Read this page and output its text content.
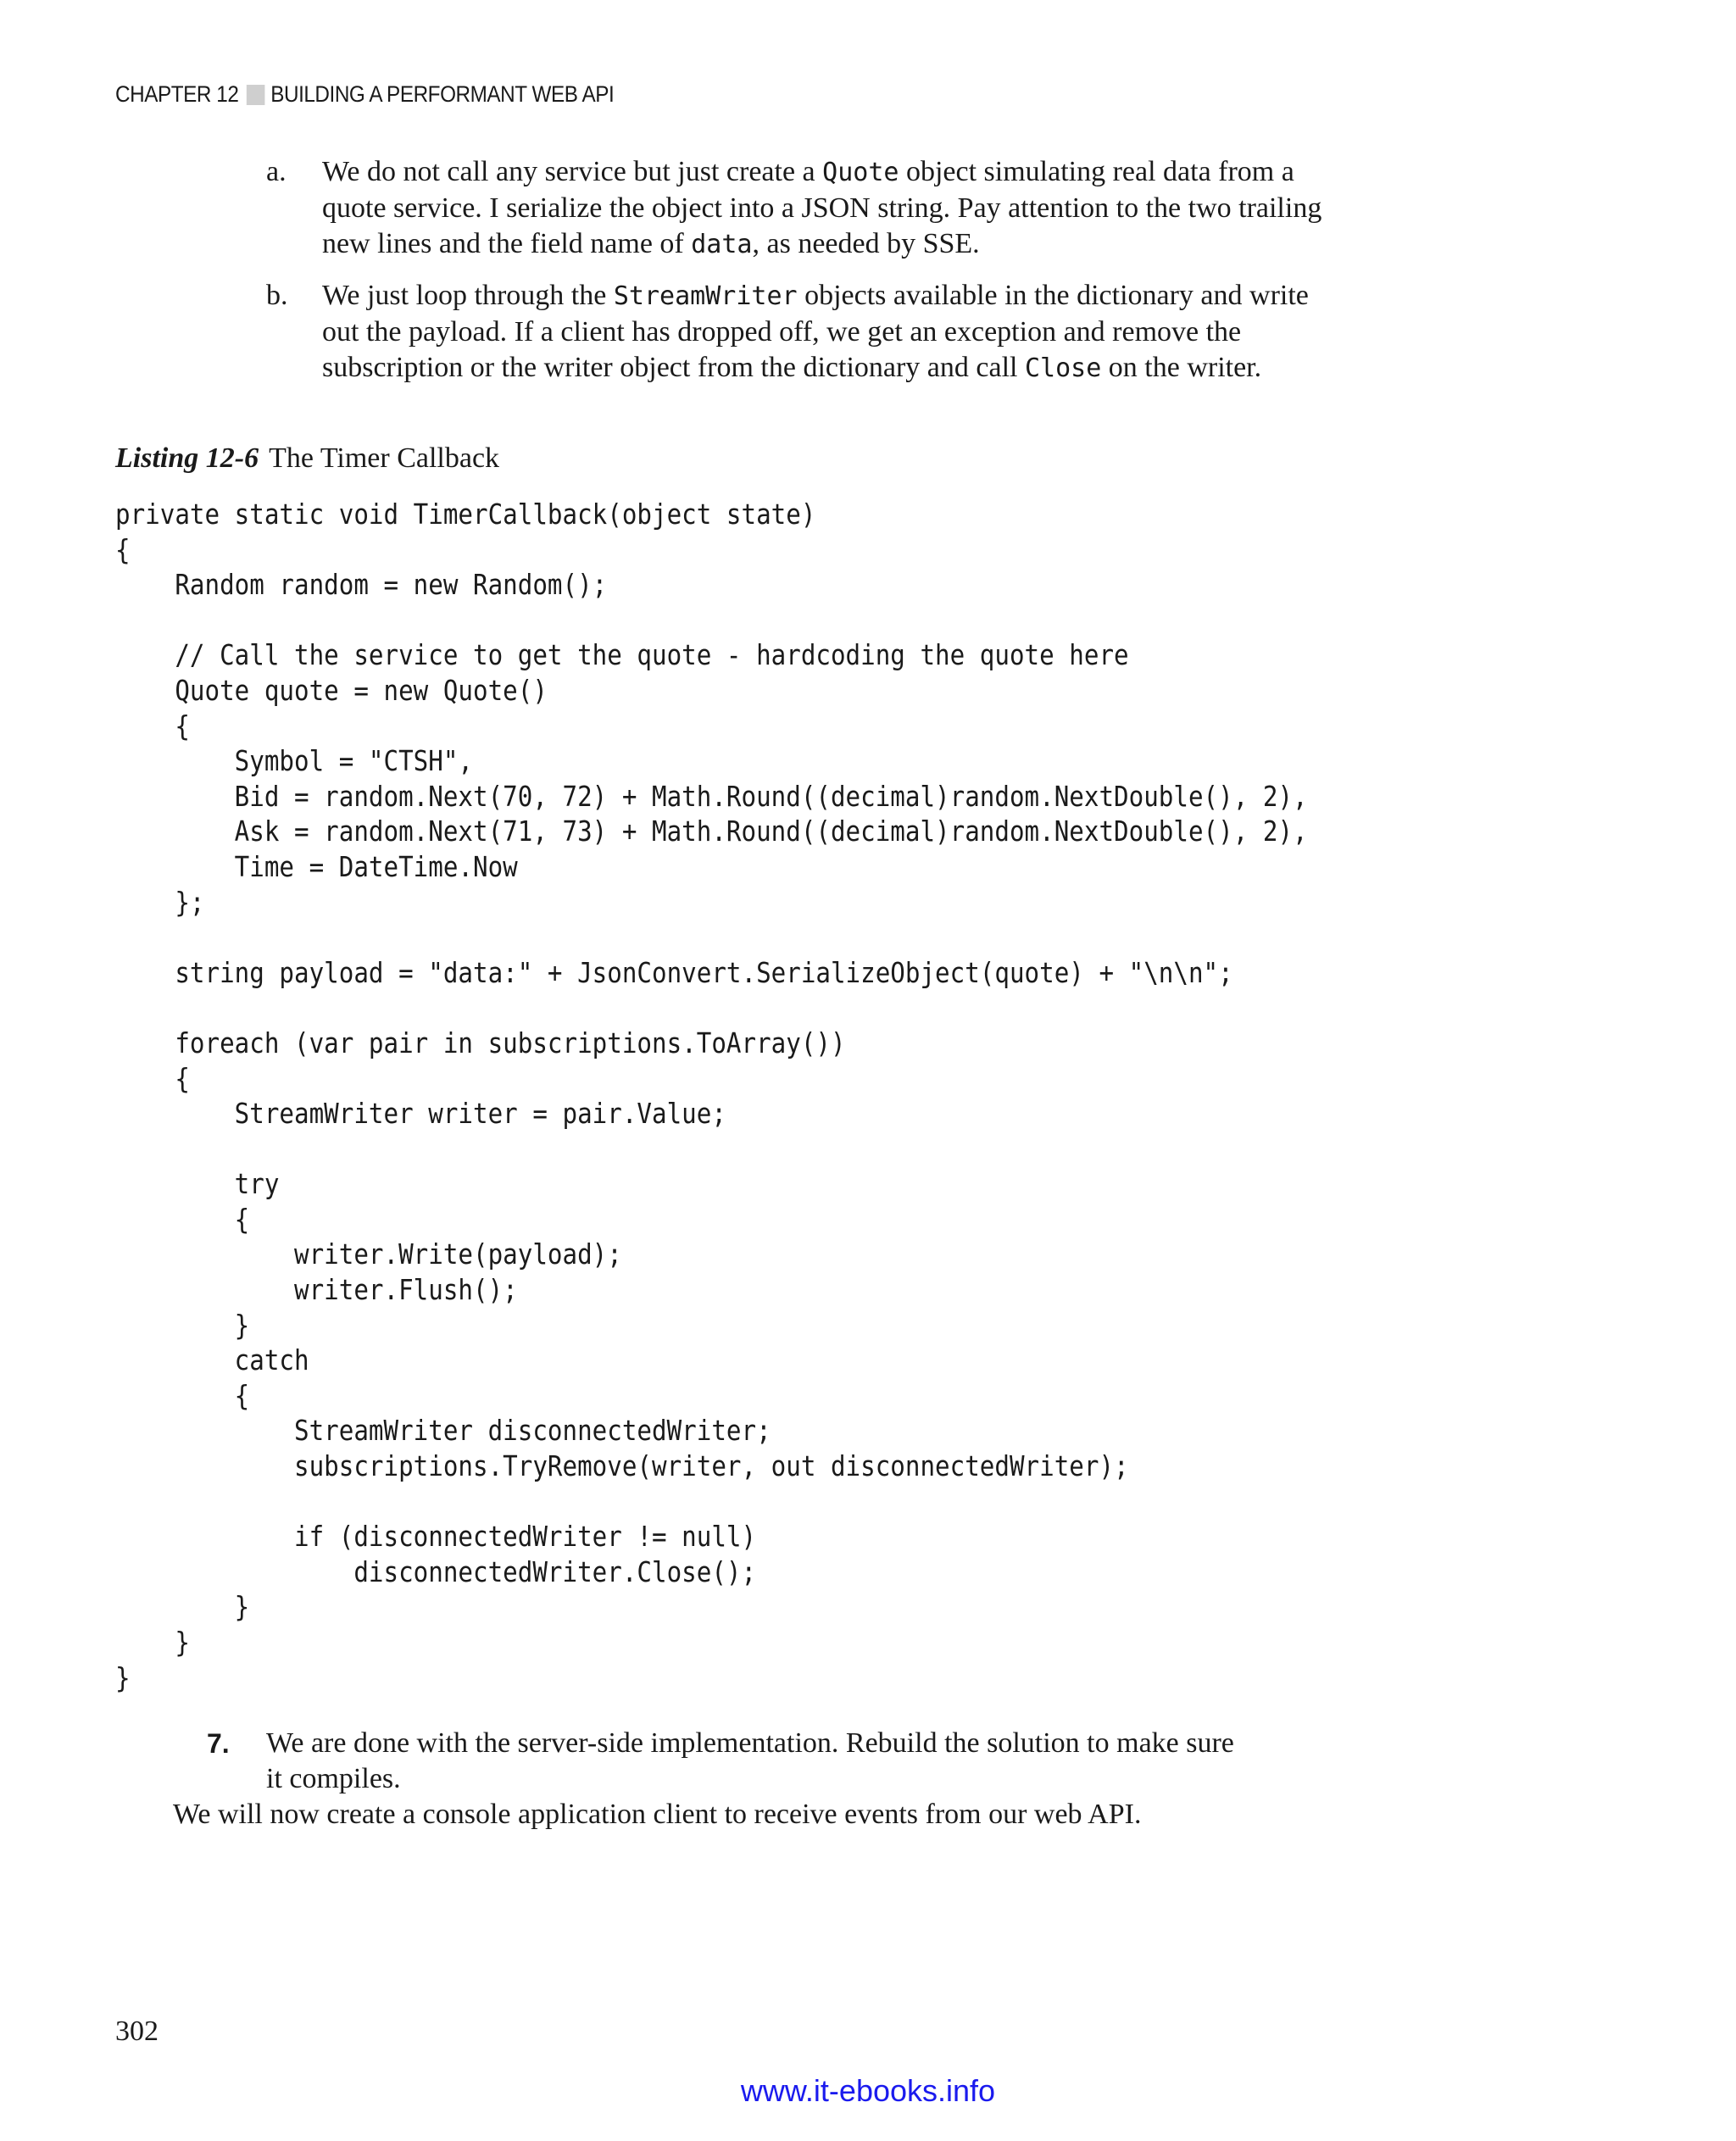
CHAPTER 12 BUILDING A PERFORMANT WEB API
a. We do not call any service but just create a Quote object simulating real data from a
quote service. I serialize the object into a JSON string. Pay attention to the two trailing
new lines and the field name of data, as needed by SSE.
b. We just loop through the StreamWriter objects available in the dictionary and write
out the payload. If a client has dropped off, we get an exception and remove the
subscription or the writer object from the dictionary and call Close on the writer.
Listing 12-6 The Timer Callback
private static void TimerCallback(object state)
{
Random random = new Random();

// Call the service to get the quote - hardcoding the quote here
Quote quote = new Quote()
{
Symbol = "CTSH",
Bid = random.Next(70, 72) + Math.Round((decimal)random.NextDouble(), 2),
Ask = random.Next(71, 73) + Math.Round((decimal)random.NextDouble(), 2),
Time = DateTime.Now
};

string payload = "data:" + JsonConvert.SerializeObject(quote) + "\n\n";

foreach (var pair in subscriptions.ToArray())
{
StreamWriter writer = pair.Value;

try
{
writer.Write(payload);
writer.Flush();
}
catch
{
StreamWriter disconnectedWriter;
subscriptions.TryRemove(writer, out disconnectedWriter);

if (disconnectedWriter != null)
disconnectedWriter.Close();
}
}
}
7. We are done with the server-side implementation. Rebuild the solution to make sure
it compiles.
We will now create a console application client to receive events from our web API.
302
www.it-ebooks.info
